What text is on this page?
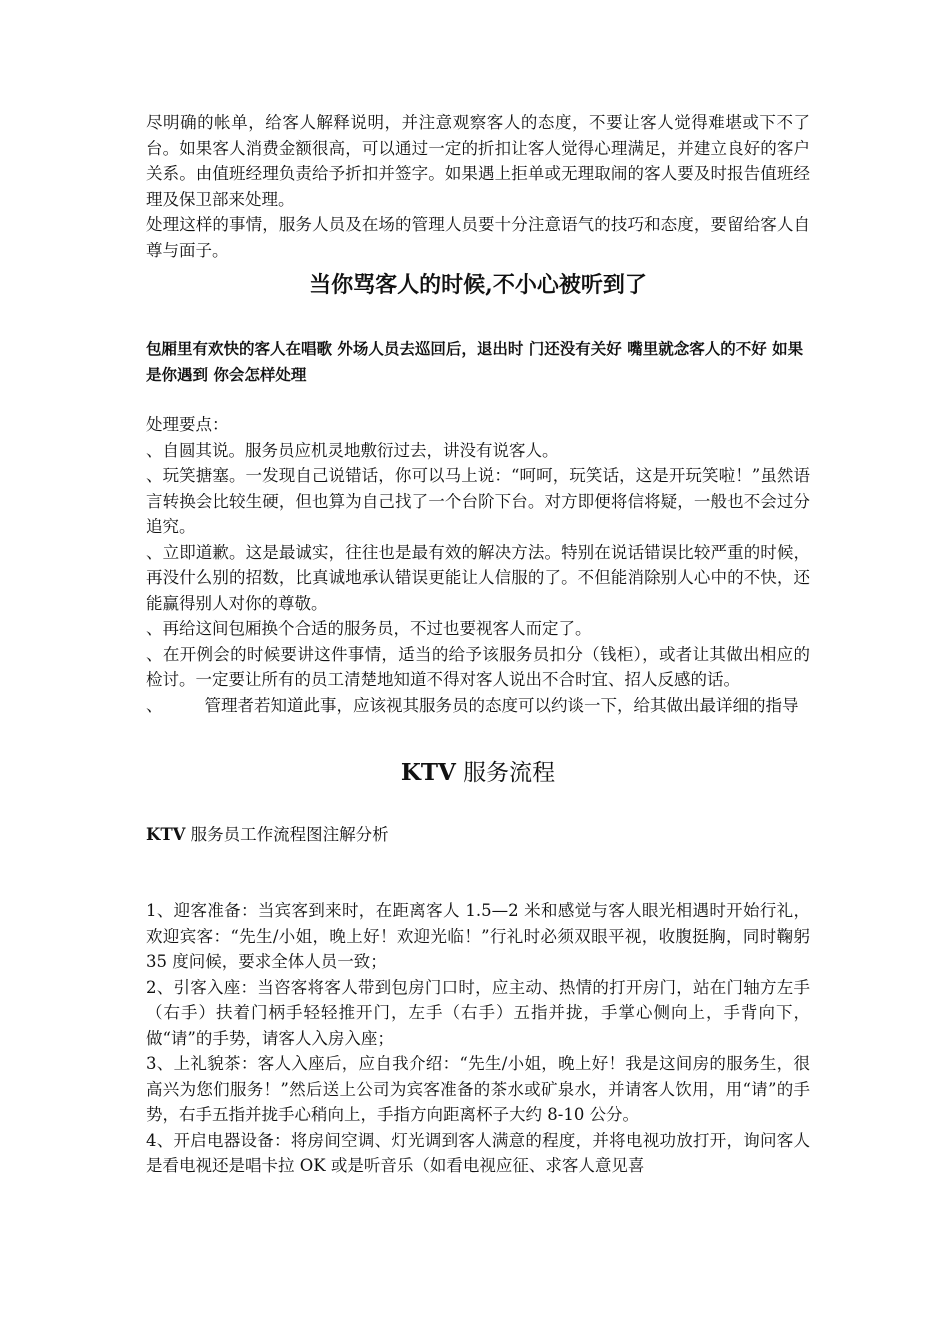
尽明确的帐单，给客人解释说明，并注意观察客人的态度，不要让客人觉得难堪或下不了台。如果客人消费金额很高，可以通过一定的折扣让客人觉得心理满足，并建立良好的客户关系。由值班经理负责给予折扣并签字。如果遇上拒单或无理取闹的客人要及时报告值班经理及保卫部来处理。

处理这样的事情，服务人员及在场的管理人员要十分注意语气的技巧和态度，要留给客人自尊与面子。

当你骂客人的时候,不小心被听到了

包厢里有欢快的客人在唱歌 外场人员去巡回后，退出时 门还没有关好 嘴里就念客人的不好 如果是你遇到 你会怎样处理

处理要点：

、自圆其说。服务员应机灵地敷衍过去，讲没有说客人。

、玩笑搪塞。一发现自己说错话，你可以马上说：“呵呵，玩笑话，这是开玩笑啦！”虽然语言转换会比较生硬，但也算为自己找了一个台阶下台。对方即便将信将疑，一般也不会过分追究。

、立即道歉。这是最诚实，往往也是最有效的解决方法。特别在说话错误比较严重的时候，再没什么别的招数，比真诚地承认错误更能让人信服的了。不但能消除别人心中的不快，还能赢得别人对你的尊敬。

、再给这间包厢换个合适的服务员，不过也要视客人而定了。

、在开例会的时候要讲这件事情，适当的给予该服务员扣分（钱柜），或者让其做出相应的检讨。一定要让所有的员工清楚地知道不得对客人说出不合时宜、招人反感的话。

、        管理者若知道此事，应该视其服务员的态度可以约谈一下，给其做出最详细的指导

KTV 服务流程

KTV 服务员工作流程图注解分析

1、迎客准备：当宾客到来时，在距离客人 1.5—2 米和感觉与客人眼光相遇时开始行礼，欢迎宾客：“先生/小姐，晚上好！欢迎光临！”行礼时必须双眼平视，收腹挺胸，同时鞠躬 35 度问候，要求全体人员一致；

2、引客入座：当咨客将客人带到包房门口时，应主动、热情的打开房门，站在门轴方左手（右手）扶着门柄手轻轻推开门，左手（右手）五指并拢，手掌心侧向上，手背向下，做“请”的手势，请客人入房入座；

3、上礼貌茶：客人入座后，应自我介绍：“先生/小姐，晚上好！我是这间房的服务生，很高兴为您们服务！”然后送上公司为宾客准备的茶水或矿泉水，并请客人饮用，用“请”的手势，右手五指并拢手心稍向上，手指方向距离杯子大约 8-10 公分。

4、开启电器设备：将房间空调、灯光调到客人满意的程度，并将电视功放打开，询问客人是看电视还是唱卡拉 OK 或是听音乐（如看电视应征、求客人意见喜
